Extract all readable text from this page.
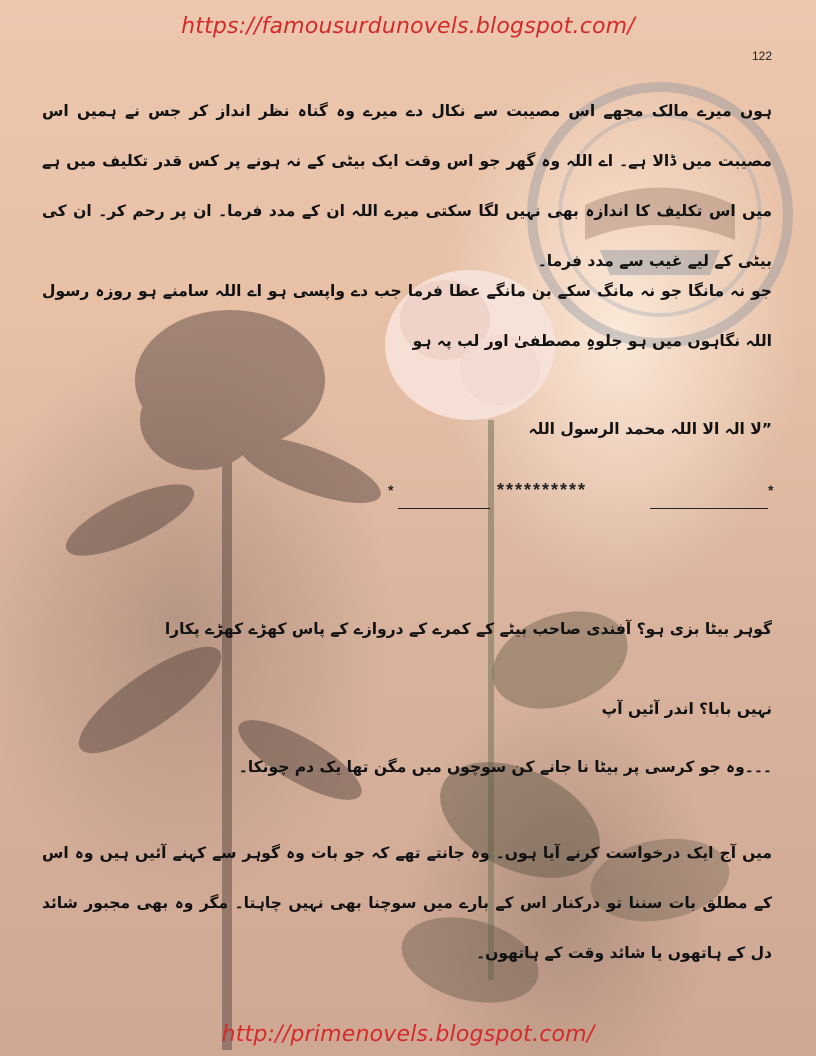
https://famousurdunovels.blogspot.com/
122

ہوں میرے مالک مجھے اس مصیبت سے نکال دے میرے وہ گناہ نظر انداز کر جس نے ہمیں اس مصیبت میں ڈالا ہے۔ اے اللہ وہ گھر جو اس وقت ایک بیٹی کے نہ ہونے پر کس قدر تکلیف میں ہے میں اس تکلیف کا اندازہ بھی نہیں لگا سکتی میرے اللہ ان کے مدد فرما۔ ان پر رحم کر۔ ان کی بیٹی کے لیے غیب سے مدد فرما۔

جو نہ مانگا جو نہ مانگ سکے بن مانگے عطا فرما جب دے واپسی ہو اے اللہ سامنے ہو روزہ رسول اللہ نگاہوں میں ہو جلوہِ مصطفیٰ اور لب پہ ہو

”لا الہ الا اللہ محمد الرسول اللہ

*	**********	*

گوہر بیٹا بزی ہو؟ آفندی صاحب بیٹے کے کمرے کے دروازے کے پاس کھڑے کھڑے پکارا

نہیں بابا؟ اندر آئیں آپ

۔۔۔وہ جو کرسی پر بیٹا نا جانے کن سوچوں میں مگن تھا یک دم چونکا۔

میں آج ایک درخواست کرنے آیا ہوں۔ وہ جانتے تھے کہ جو بات وہ گوہر سے کہنے آئیں ہیں وہ اس کے مطلق بات سننا تو درکنار اس کے بارے میں سوچنا بھی نہیں چاہتا۔ مگر وہ بھی مجبور شائد دل کے ہاتھوں یا شائد وقت کے ہاتھوں۔

http://primenovels.blogspot.com/
